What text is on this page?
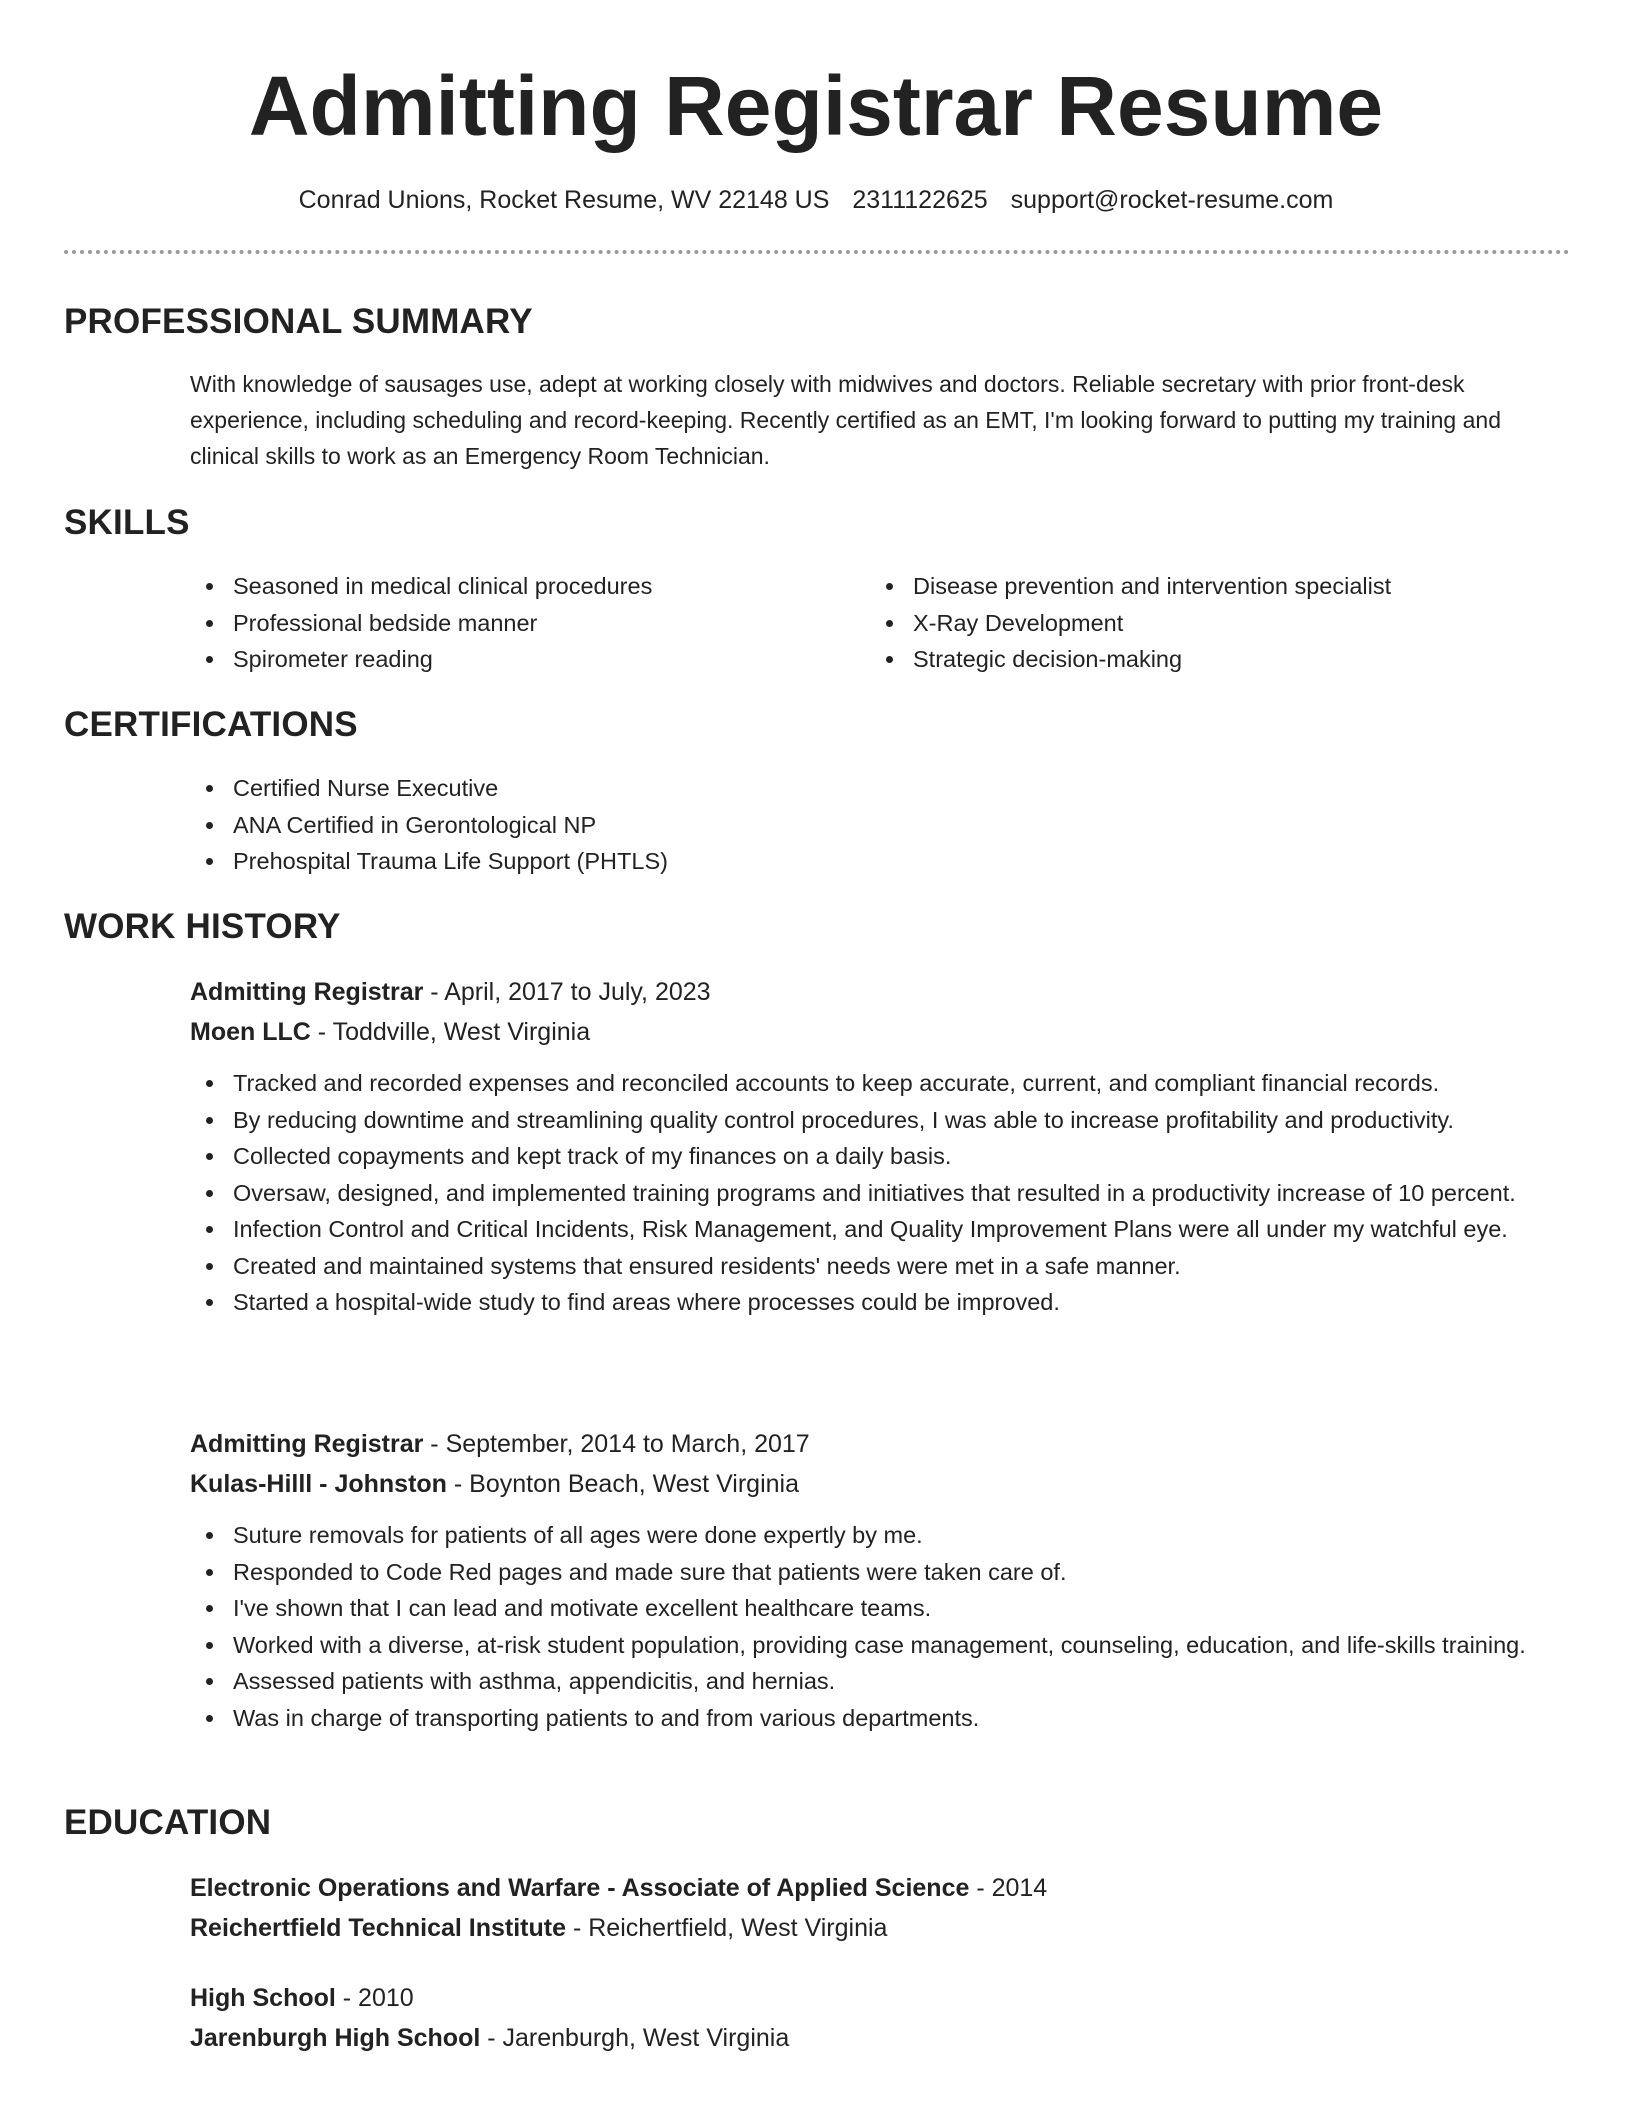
Admitting Registrar Resume
Conrad Unions, Rocket Resume, WV 22148 US 2311122625 support@rocket-resume.com
PROFESSIONAL SUMMARY

With knowledge of sausages use, adept at working closely with midwives and doctors. Reliable secretary with prior front-desk experience, including scheduling and record-keeping. Recently certified as an EMT, I'm looking forward to putting my training and clinical skills to work as an Emergency Room Technician.

SKILLS
Seasoned in medical clinical procedures
Professional bedside manner
Spirometer reading
Disease prevention and intervention specialist
X-Ray Development
Strategic decision-making
CERTIFICATIONS
Certified Nurse Executive
ANA Certified in Gerontological NP
Prehospital Trauma Life Support (PHTLS)
WORK HISTORY
Admitting Registrar - April, 2017 to July, 2023
Moen LLC - Toddville, West Virginia
Tracked and recorded expenses and reconciled accounts to keep accurate, current, and compliant financial records.
By reducing downtime and streamlining quality control procedures, I was able to increase profitability and productivity.
Collected copayments and kept track of my finances on a daily basis.
Oversaw, designed, and implemented training programs and initiatives that resulted in a productivity increase of 10 percent.
Infection Control and Critical Incidents, Risk Management, and Quality Improvement Plans were all under my watchful eye.
Created and maintained systems that ensured residents' needs were met in a safe manner.
Started a hospital-wide study to find areas where processes could be improved.
Admitting Registrar - September, 2014 to March, 2017
Kulas-Hilll - Johnston - Boynton Beach, West Virginia
Suture removals for patients of all ages were done expertly by me.
Responded to Code Red pages and made sure that patients were taken care of.
I've shown that I can lead and motivate excellent healthcare teams.
Worked with a diverse, at-risk student population, providing case management, counseling, education, and life-skills training.
Assessed patients with asthma, appendicitis, and hernias.
Was in charge of transporting patients to and from various departments.
EDUCATION
Electronic Operations and Warfare - Associate of Applied Science - 2014
Reichertfield Technical Institute - Reichertfield, West Virginia
High School - 2010
Jarenburgh High School - Jarenburgh, West Virginia
